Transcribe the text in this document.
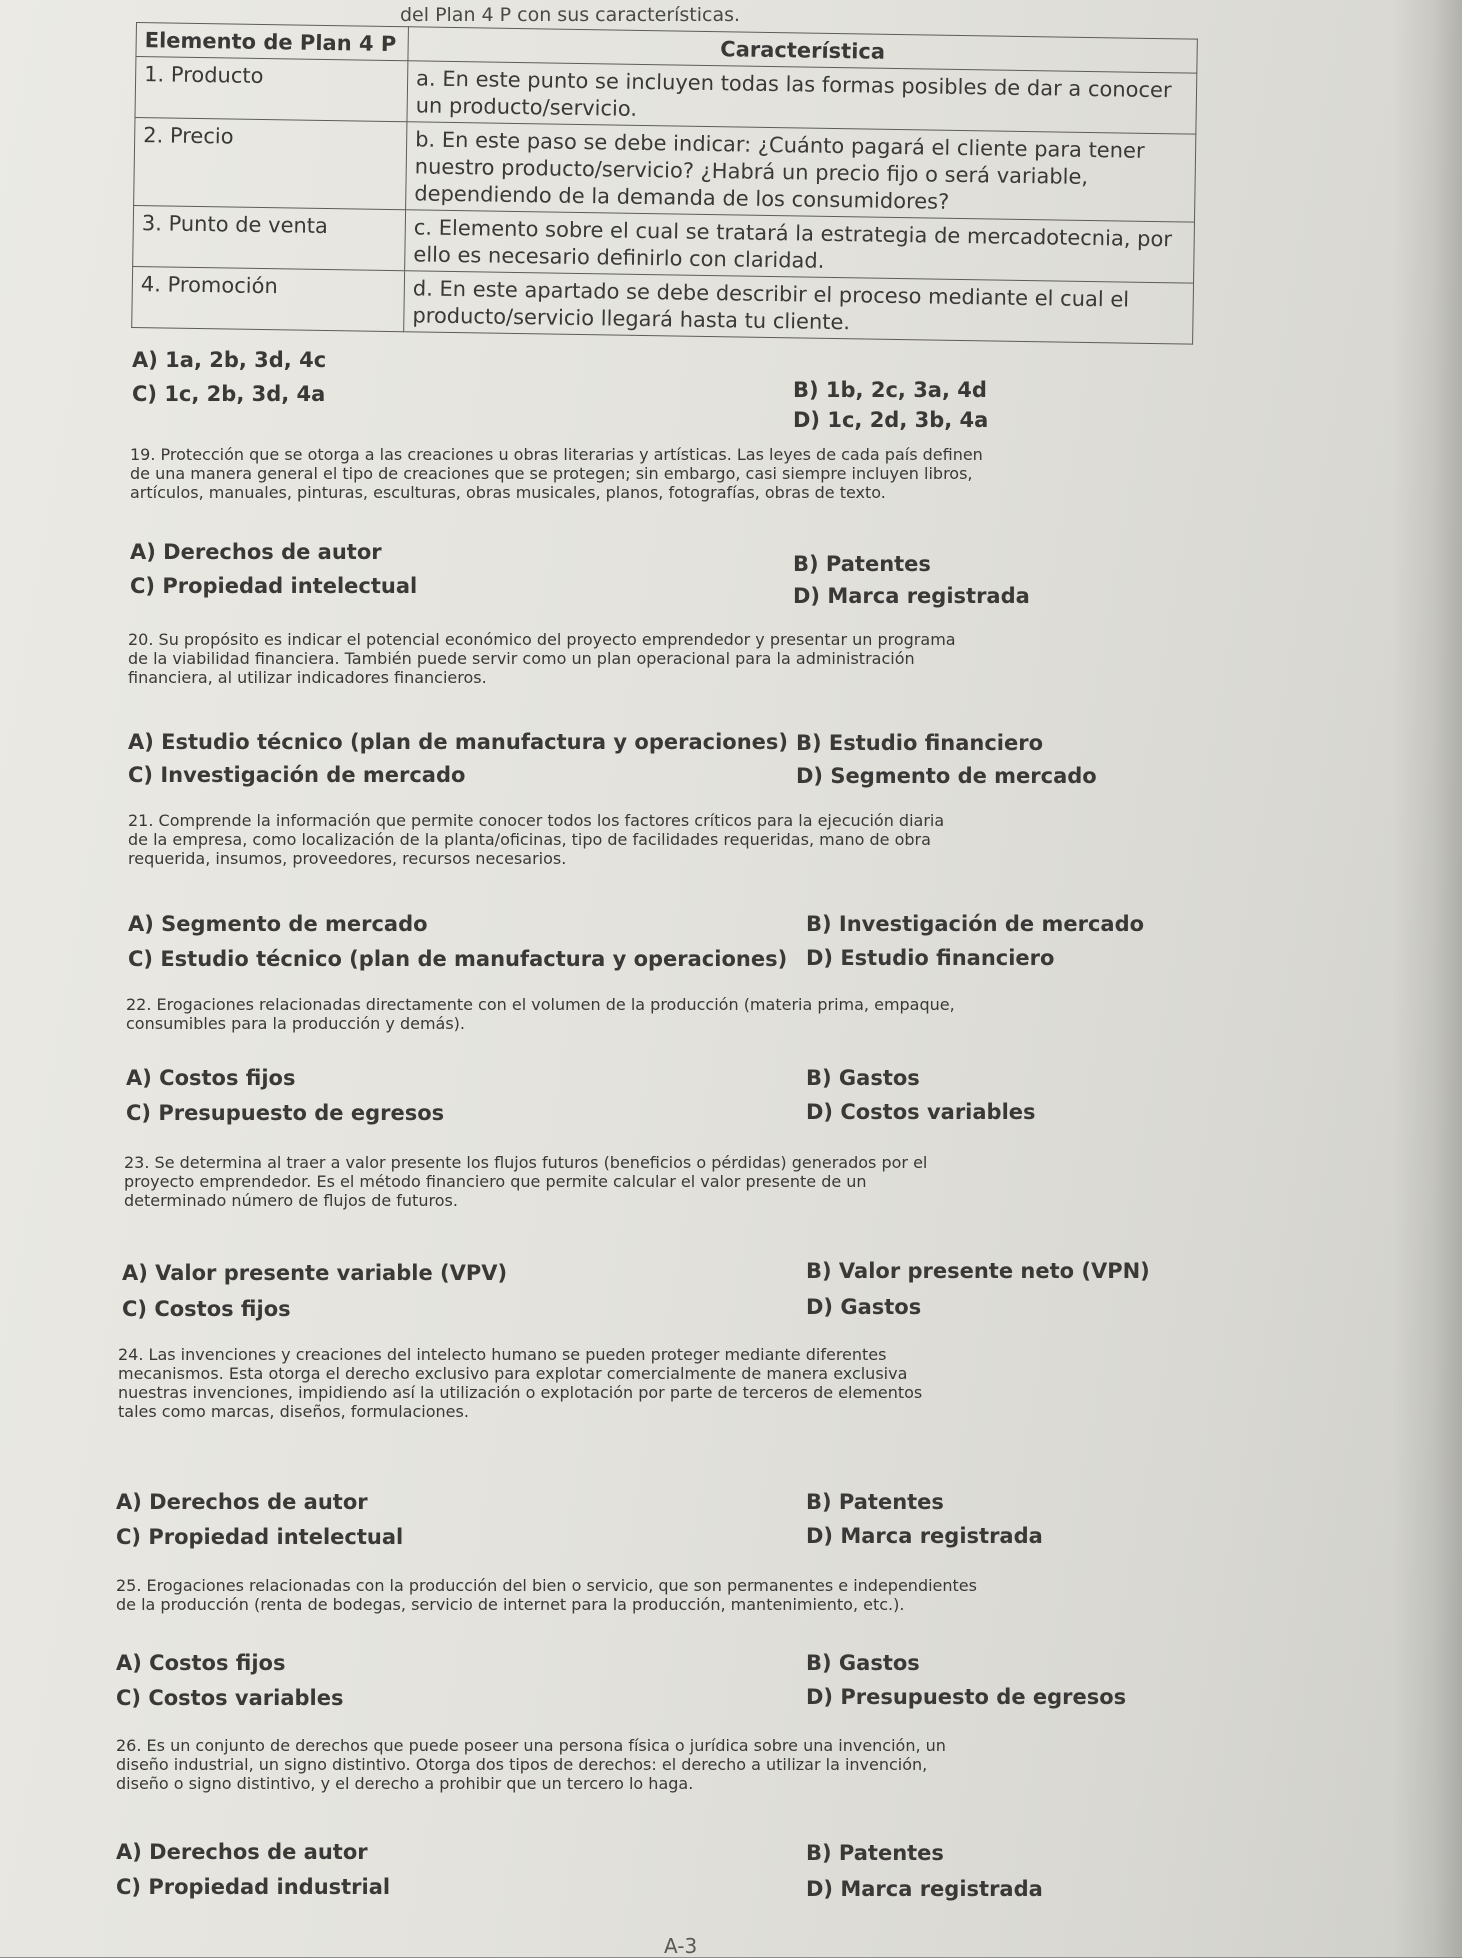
del Plan 4 P con sus características.
Elemento de Plan 4 P	Característica
1. Producto	a. En este punto se incluyen todas las formas posibles de dar a conocer un producto/servicio.
2. Precio	b. En este paso se debe indicar: ¿Cuánto pagará el cliente para tener nuestro producto/servicio? ¿Habrá un precio fijo o será variable, dependiendo de la demanda de los consumidores?
3. Punto de venta	c. Elemento sobre el cual se tratará la estrategia de mercadotecnia, por ello es necesario definirlo con claridad.
4. Promoción	d. En este apartado se debe describir el proceso mediante el cual el producto/servicio llegará hasta tu cliente.
A) 1a, 2b, 3d, 4c
C) 1c, 2b, 3d, 4a	B) 1b, 2c, 3a, 4d
D) 1c, 2d, 3b, 4a

19. Protección que se otorga a las creaciones u obras literarias y artísticas. Las leyes de cada país definen

de una manera general el tipo de creaciones que se protegen; sin embargo, casi siempre incluyen libros,

artículos, manuales, pinturas, esculturas, obras musicales, planos, fotografías, obras de texto.

A) Derechos de autor
C) Propiedad intelectual
B) Patentes
D) Marca registrada

20. Su propósito es indicar el potencial económico del proyecto emprendedor y presentar un programa

de la viabilidad financiera. También puede servir como un plan operacional para la administración

financiera, al utilizar indicadores financieros.

A) Estudio técnico (plan de manufactura y operaciones)
C) Investigación de mercado
B) Estudio financiero
D) Segmento de mercado

21. Comprende la información que permite conocer todos los factores críticos para la ejecución diaria

de la empresa, como localización de la planta/oficinas, tipo de facilidades requeridas, mano de obra

requerida, insumos, proveedores, recursos necesarios.

A) Segmento de mercado
C) Estudio técnico (plan de manufactura y operaciones)
B) Investigación de mercado
D) Estudio financiero

22. Erogaciones relacionadas directamente con el volumen de la producción (materia prima, empaque,

consumibles para la producción y demás).

A) Costos fijos
C) Presupuesto de egresos
B) Gastos
D) Costos variables

23. Se determina al traer a valor presente los flujos futuros (beneficios o pérdidas) generados por el

proyecto emprendedor. Es el método financiero que permite calcular el valor presente de un

determinado número de flujos de futuros.

A) Valor presente variable (VPV)
C) Costos fijos
B) Valor presente neto (VPN)
D) Gastos

24. Las invenciones y creaciones del intelecto humano se pueden proteger mediante diferentes

mecanismos. Esta otorga el derecho exclusivo para explotar comercialmente de manera exclusiva

nuestras invenciones, impidiendo así la utilización o explotación por parte de terceros de elementos

tales como marcas, diseños, formulaciones.

A) Derechos de autor
C) Propiedad intelectual
B) Patentes
D) Marca registrada

25. Erogaciones relacionadas con la producción del bien o servicio, que son permanentes e independientes

de la producción (renta de bodegas, servicio de internet para la producción, mantenimiento, etc.).

A) Costos fijos
C) Costos variables
B) Gastos
D) Presupuesto de egresos

26. Es un conjunto de derechos que puede poseer una persona física o jurídica sobre una invención, un

diseño industrial, un signo distintivo. Otorga dos tipos de derechos: el derecho a utilizar la invención,

diseño o signo distintivo, y el derecho a prohibir que un tercero lo haga.

A) Derechos de autor
C) Propiedad industrial
B) Patentes
D) Marca registrada
A-3
